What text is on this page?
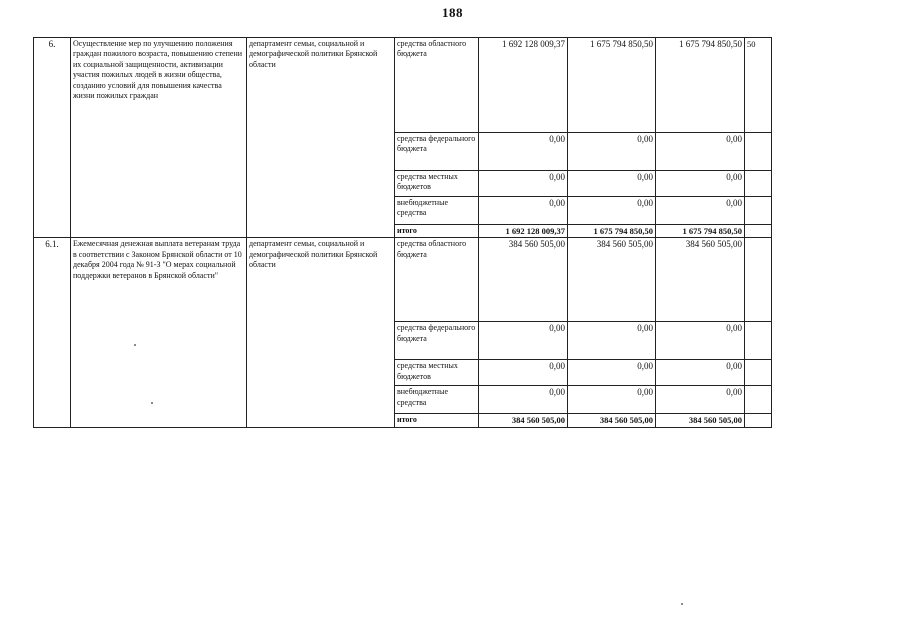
188
6.	Осуществление мер по улучшению положения граждан пожилого возраста, повышению степени их социальной защищенности, активизации участия пожилых людей в жизни общества, созданию условий для повышения качества жизни пожилых граждан	департамент семьи, социальной и демографической политики Брянской области	средства областного бюджета	1 692 128 009,37	1 675 794 850,50	1 675 794 850,50	50
			средства федерального бюджета	0,00	0,00	0,00	
			средства местных бюджетов	0,00	0,00	0,00	
			внебюджетные средства	0,00	0,00	0,00	
			итого	1 692 128 009,37	1 675 794 850,50	1 675 794 850,50	
6.1.	Ежемесячная денежная выплата ветеранам труда в соответствии с Законом Брянской области от 10 декабря 2004 года № 91-З "О мерах социальной поддержки ветеранов в Брянской области"	департамент семьи, социальной и демографической политики Брянской области	средства областного бюджета	384 560 505,00	384 560 505,00	384 560 505,00	
			средства федерального бюджета	0,00	0,00	0,00	
			средства местных бюджетов	0,00	0,00	0,00	
			внебюджетные средства	0,00	0,00	0,00	
			итого	384 560 505,00	384 560 505,00	384 560 505,00	
